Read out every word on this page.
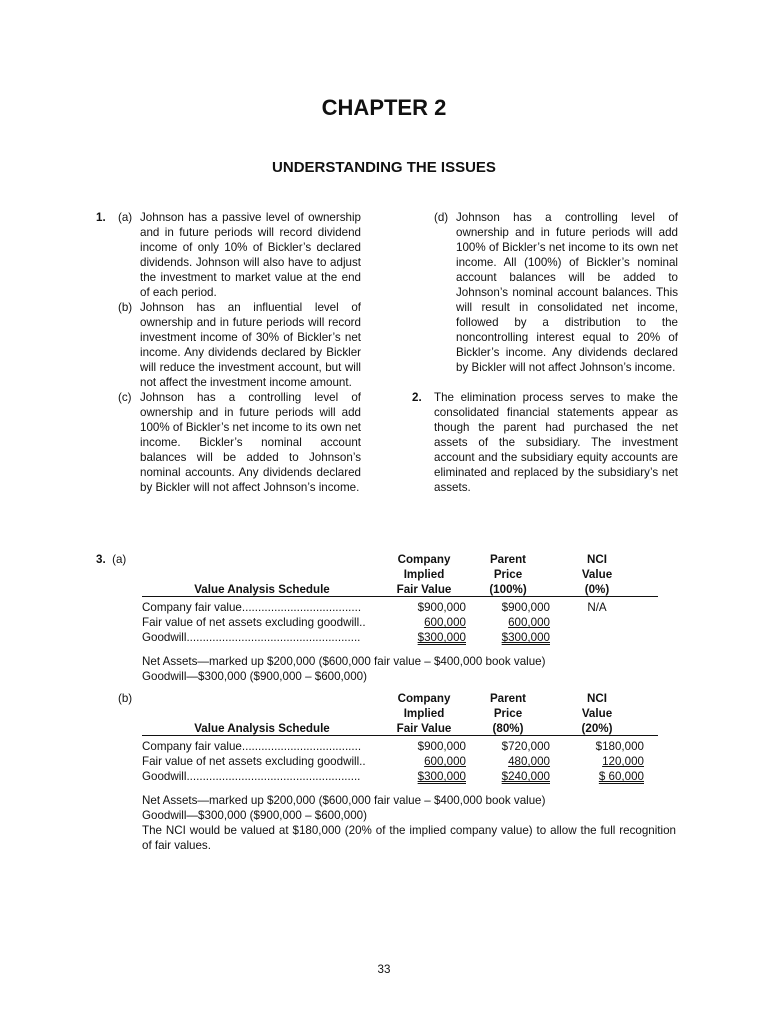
CHAPTER 2
UNDERSTANDING THE ISSUES
1.	(a) Johnson has a passive level of ownership and in future periods will record dividend income of only 10% of Bickler’s declared dividends. Johnson will also have to adjust the investment to market value at the end of each period.
(b) Johnson has an influential level of ownership and in future periods will record investment income of 30% of Bickler’s net income. Any dividends declared by Bickler will reduce the investment account, but will not affect the investment income amount.
(c) Johnson has a controlling level of ownership and in future periods will add 100% of Bickler’s net income to its own net income. Bickler’s nominal account balances will be added to Johnson’s nominal accounts. Any dividends declared by Bickler will not affect Johnson’s income.
(d) Johnson has a controlling level of ownership and in future periods will add 100% of Bickler’s net income to its own net income. All (100%) of Bickler’s nominal account balances will be added to Johnson’s nominal account balances. This will result in consolidated net income, followed by a distribution to the noncontrolling interest equal to 20% of Bickler’s income. Any dividends declared by Bickler will not affect Johnson’s income.
2.	The elimination process serves to make the consolidated financial statements appear as though the parent had purchased the net assets of the subsidiary. The investment account and the subsidiary equity accounts are eliminated and replaced by the subsidiary’s net assets.
3. (a)	Company	Parent	NCI
Implied	Price	Value
Value Analysis Schedule	Fair Value	(100%)	(0%)
Company fair value.....................................	$900,000	$900,000	N/A
Fair value of net assets excluding goodwill..	600,000	600,000
Goodwill......................................................	$300,000	$300,000
Net Assets—marked up $200,000 ($600,000 fair value – $400,000 book value)
Goodwill—$300,000 ($900,000 – $600,000)
(b)	Company	Parent	NCI
Implied	Price	Value
Value Analysis Schedule	Fair Value	(80%)	(20%)
Company fair value.....................................	$900,000	$720,000	$180,000
Fair value of net assets excluding goodwill..	600,000	480,000	120,000
Goodwill......................................................	$300,000	$240,000	$ 60,000
Net Assets—marked up $200,000 ($600,000 fair value – $400,000 book value)
Goodwill—$300,000 ($900,000 – $600,000)
The NCI would be valued at $180,000 (20% of the implied company value) to allow the full recognition of fair values.
33
